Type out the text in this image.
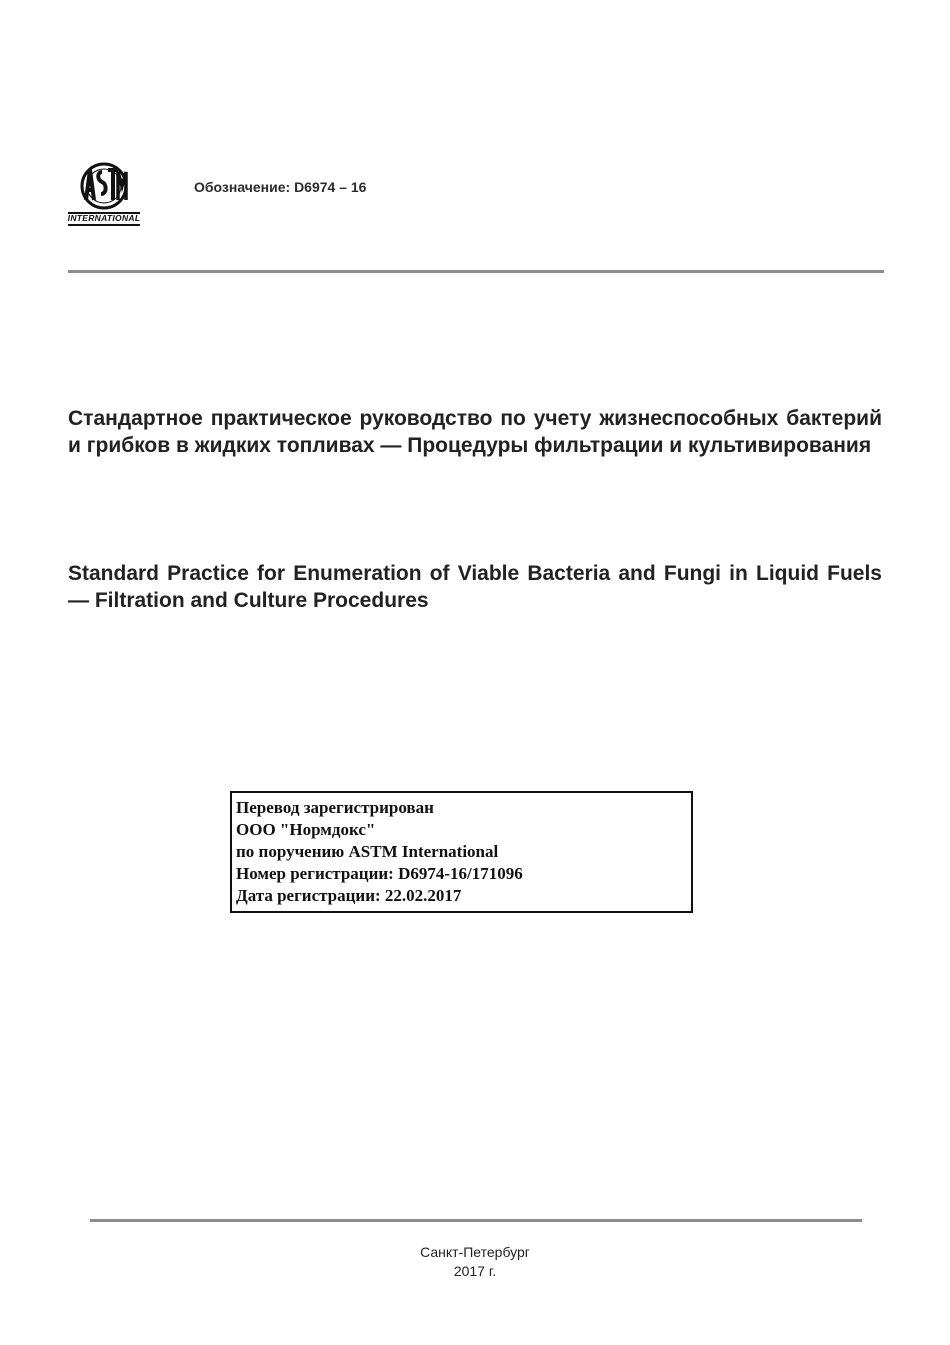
INTERNATIONAL
Обозначение: D6974 – 16
Стандартное практическое руководство по учету жизнеспособных бактерий и грибков в жидких топливах — Процедуры фильтрации и культивирования
Standard Practice for Enumeration of Viable Bacteria and Fungi in Liquid Fuels — Filtration and Culture Procedures
Перевод зарегистрирован
ООО "Нормдокс"
по поручению ASTM International
Номер регистрации: D6974-16/171096
Дата регистрации: 22.02.2017
Санкт-Петербург
2017 г.
